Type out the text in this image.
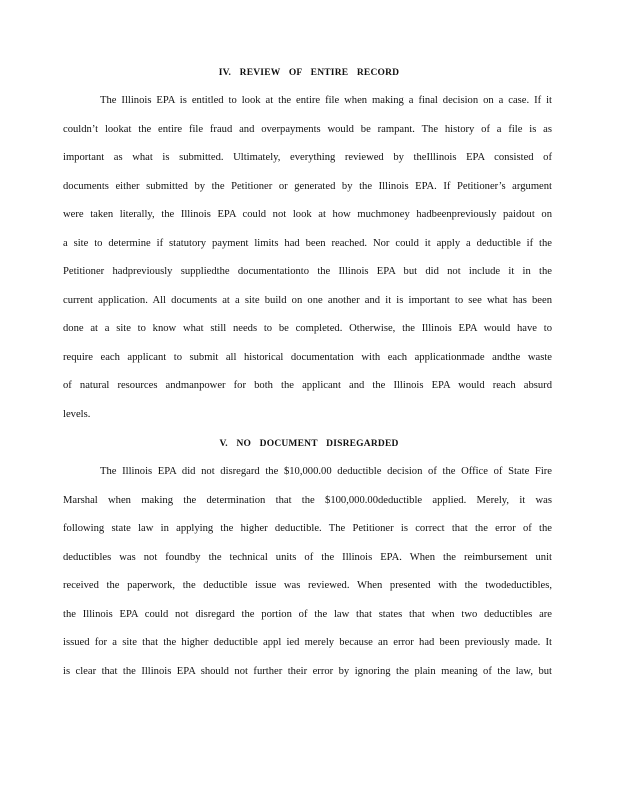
IV. REVIEW OF ENTIRE RECORD
The Illinois EPA is entitled to look at the entire file when making a final decision on a case. If it
couldn’t lookat the entire file fraud and overpayments would be rampant. The history of a file is as
important as what is submitted. Ultimately, everything reviewed by theIllinois EPA consisted of
documents either submitted by the Petitioner or generated by the Illinois EPA. If Petitioner’s argument
were taken literally, the Illinois EPA could not look at how muchmoney hadbeenpreviously paidout on
a site to determine if statutory payment limits had been reached. Nor could it apply a deductible if the
Petitioner hadpreviously suppliedthe documentationto the Illinois EPA but did not include it in the
current application. All documents at a site build on one another and it is important to see what has been
done at a site to know what still needs to be completed. Otherwise, the Illinois EPA would have to
require each applicant to submit all historical documentation with each applicationmade andthe waste
of natural resources andmanpower for both the applicant and the Illinois EPA would reach absurd
levels.
V. NO DOCUMENT DISREGARDED
The Illinois EPA did not disregard the $10,000.00 deductible decision of the Office of State Fire
Marshal when making the determination that the $100,000.00deductible applied. Merely, it was
following state law in applying the higher deductible. The Petitioner is correct that the error of the
deductibles was not foundby the technical units of the Illinois EPA. When the reimbursement unit
received the paperwork, the deductible issue was reviewed. When presented with the twodeductibles,
the Illinois EPA could not disregard the portion of the law that states that when two deductibles are
issued for a site that the higher deductible appl ied merely because an error had been previously made. It
is clear that the Illinois EPA should not further their error by ignoring the plain meaning of the law, but
